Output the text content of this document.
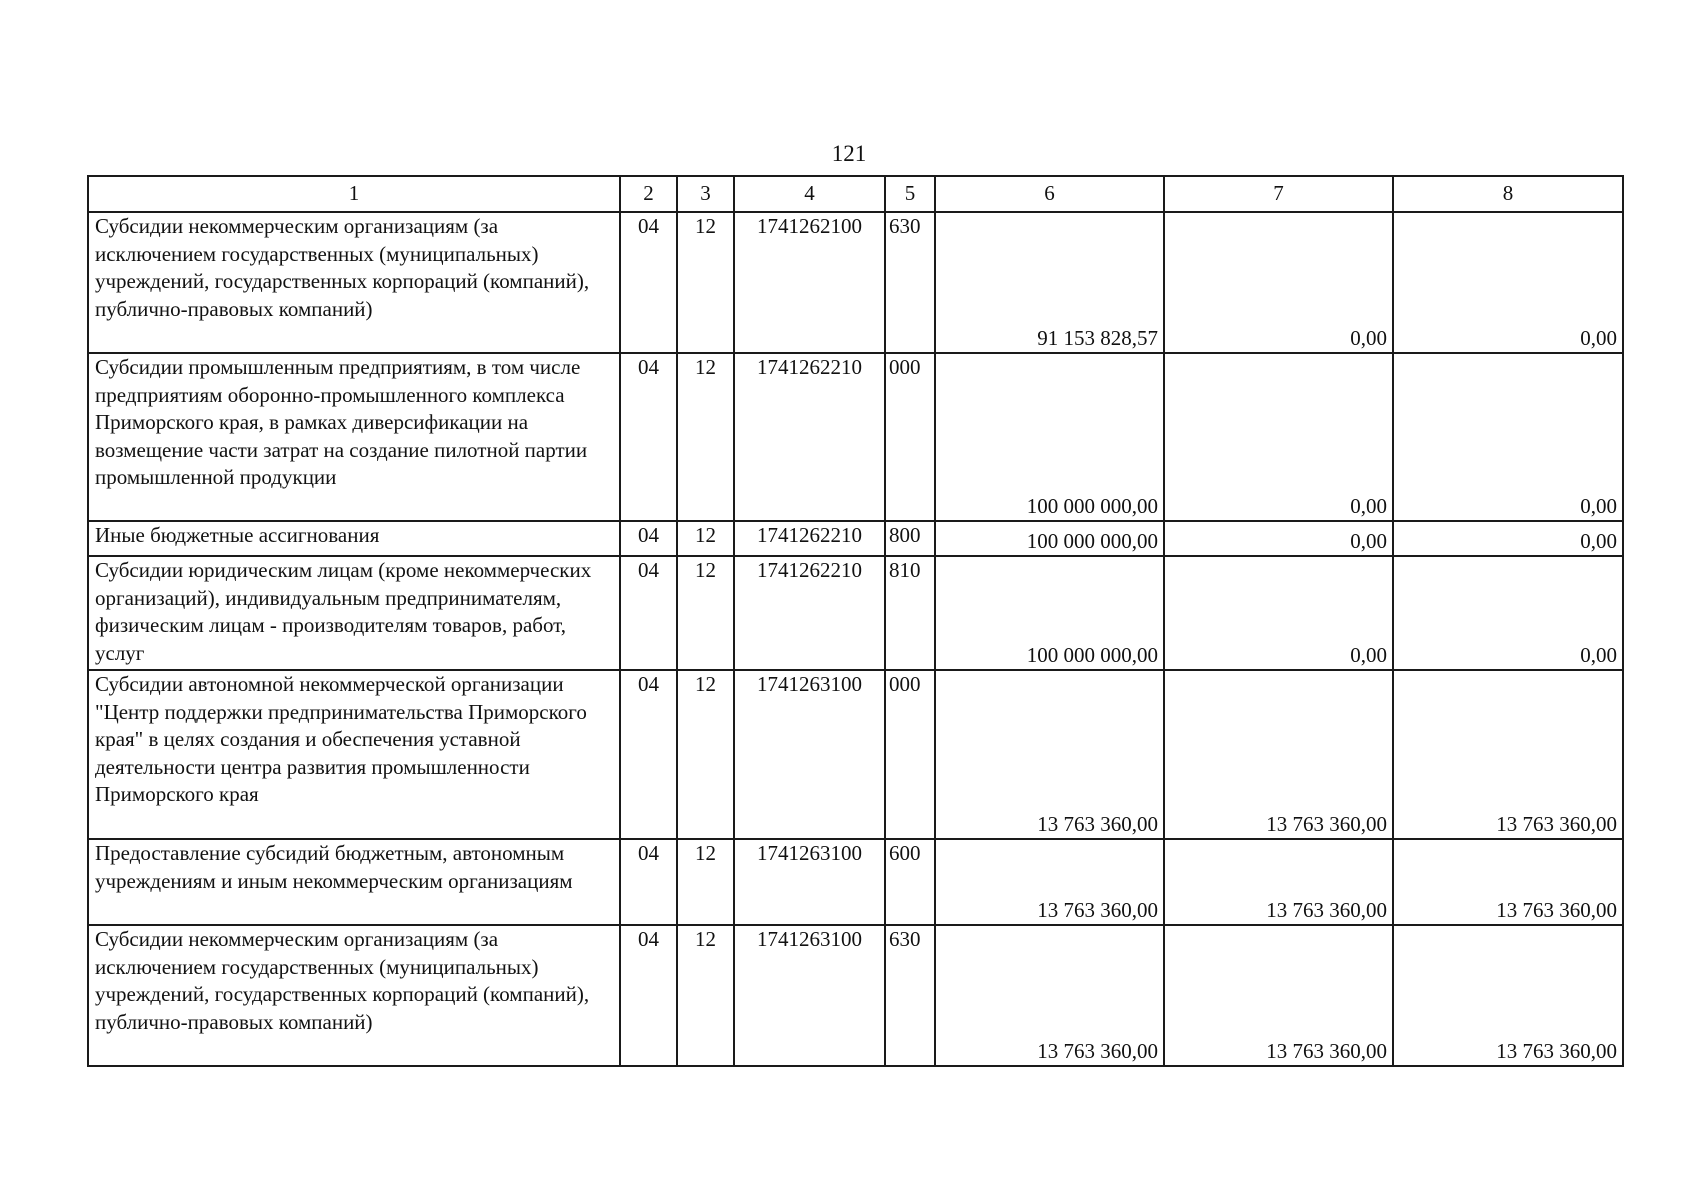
121
1	2	3	4	5	6	7	8
Субсидии некоммерческим организациям (за исключением государственных (муниципальных) учреждений, государственных корпораций (компаний), публично-правовых компаний)	04	12	1741262100	630	91 153 828,57	0,00	0,00
Субсидии промышленным предприятиям, в том числе предприятиям оборонно-промышленного комплекса Приморского края, в рамках диверсификации на возмещение части затрат на создание пилотной партии промышленной продукции	04	12	1741262210	000	100 000 000,00	0,00	0,00
Иные бюджетные ассигнования	04	12	1741262210	800	100 000 000,00	0,00	0,00
Субсидии юридическим лицам (кроме некоммерческих организаций), индивидуальным предпринимателям, физическим лицам - производителям товаров, работ, услуг	04	12	1741262210	810	100 000 000,00	0,00	0,00
Субсидии автономной некоммерческой организации "Центр поддержки предпринимательства Приморского края" в целях создания и обеспечения уставной деятельности центра развития промышленности Приморского края	04	12	1741263100	000	13 763 360,00	13 763 360,00	13 763 360,00
Предоставление субсидий бюджетным, автономным учреждениям и иным некоммерческим организациям	04	12	1741263100	600	13 763 360,00	13 763 360,00	13 763 360,00
Субсидии некоммерческим организациям (за исключением государственных (муниципальных) учреждений, государственных корпораций (компаний), публично-правовых компаний)	04	12	1741263100	630	13 763 360,00	13 763 360,00	13 763 360,00
